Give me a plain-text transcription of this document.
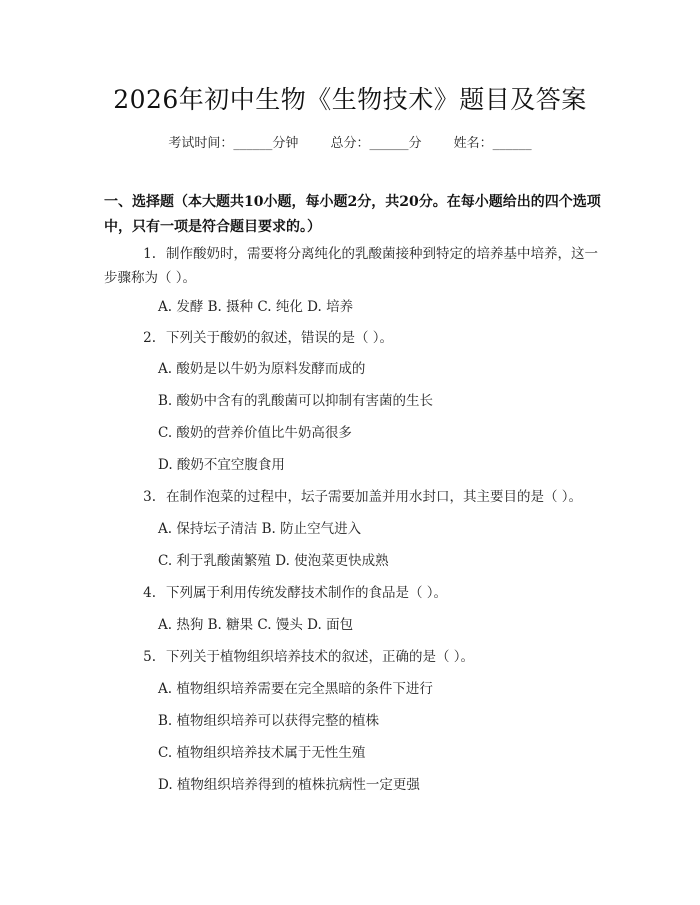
2026年初中生物《生物技术》题目及答案
考试时间：______分钟 总分：______分 姓名：______
一、选择题（本大题共10小题，每小题2分，共20分。在每小题给出的四个选项中，只有一项是符合题目要求的。）
1. 制作酸奶时，需要将分离纯化的乳酸菌接种到特定的培养基中培养，这一
步骤称为（ ）。
A. 发酵 B. 摄种 C. 纯化 D. 培养
2. 下列关于酸奶的叙述，错误的是（ ）。
A. 酸奶是以牛奶为原料发酵而成的
B. 酸奶中含有的乳酸菌可以抑制有害菌的生长
C. 酸奶的营养价值比牛奶高很多
D. 酸奶不宜空腹食用
3. 在制作泡菜的过程中，坛子需要加盖并用水封口，其主要目的是（ ）。
A. 保持坛子清洁 B. 防止空气进入
C. 利于乳酸菌繁殖 D. 使泡菜更快成熟
4. 下列属于利用传统发酵技术制作的食品是（ ）。
A. 热狗 B. 糖果 C. 馒头 D. 面包
5. 下列关于植物组织培养技术的叙述，正确的是（ ）。
A. 植物组织培养需要在完全黑暗的条件下进行
B. 植物组织培养可以获得完整的植株
C. 植物组织培养技术属于无性生殖
D. 植物组织培养得到的植株抗病性一定更强
